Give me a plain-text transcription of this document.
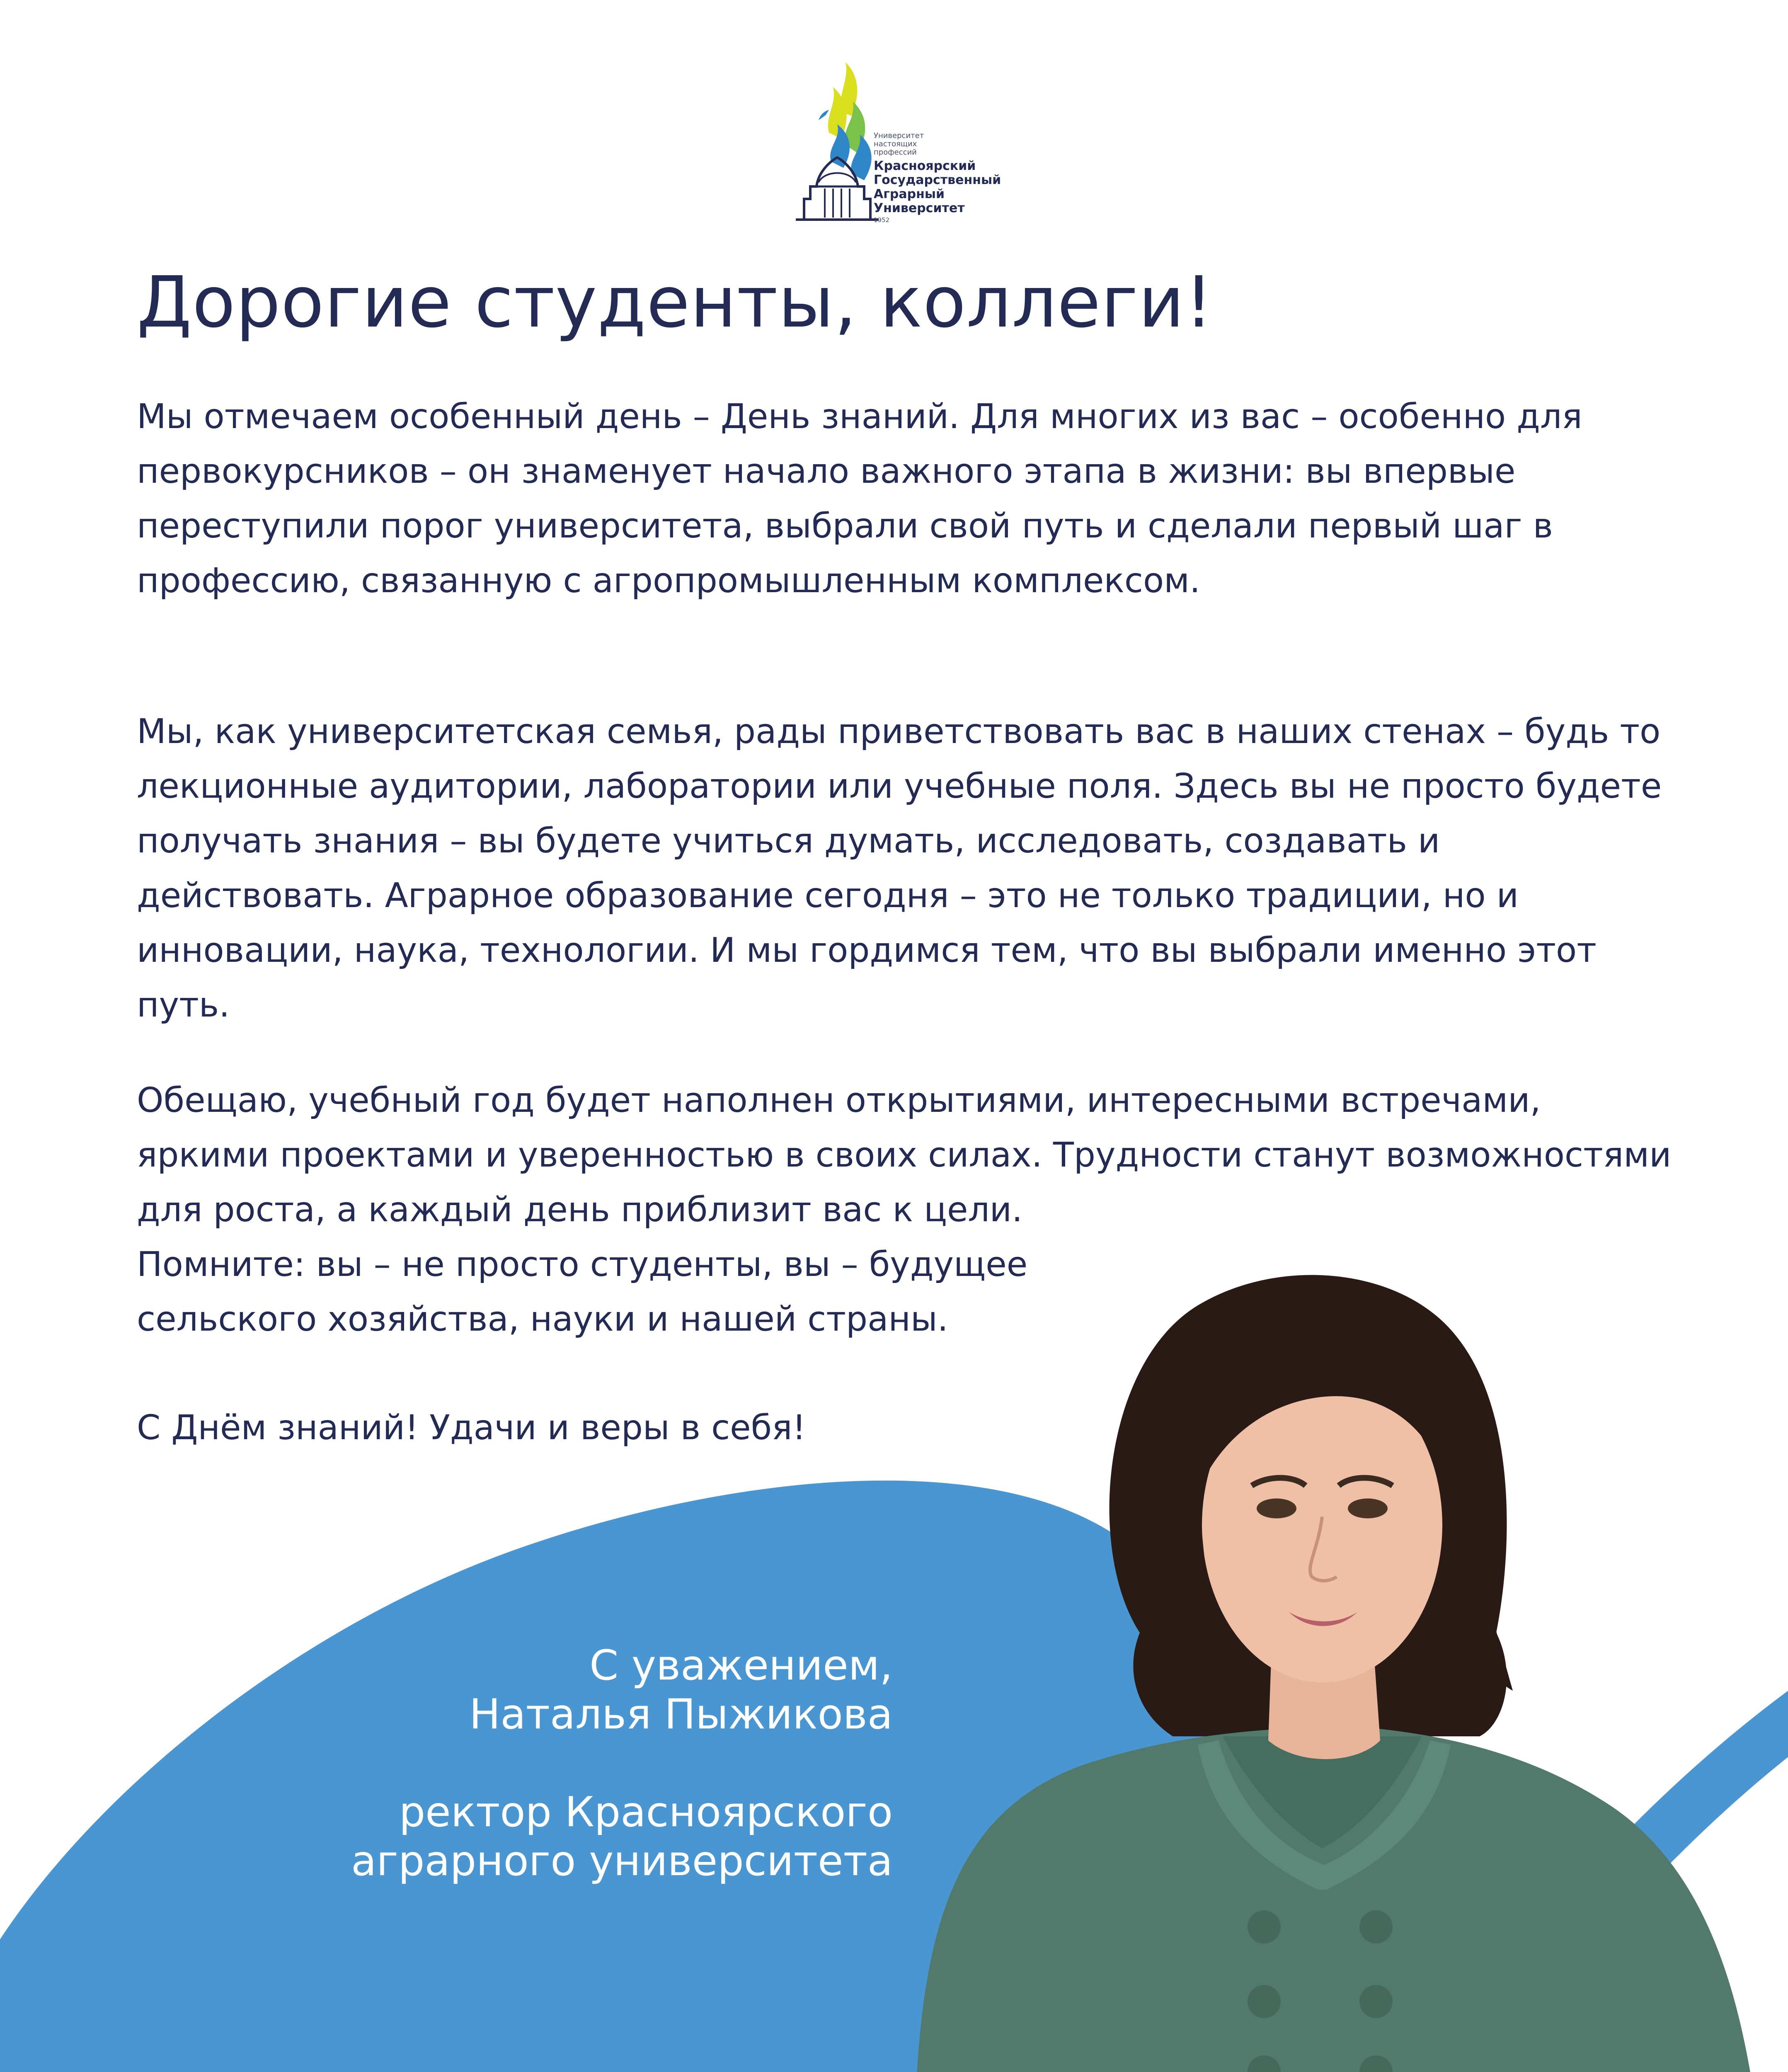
Университет настоящих профессий
Красноярский
Государственный
Аграрный
Университет
1952
Дорогие студенты, коллеги!

Мы отмечаем особенный день – День знаний. Для многих из вас – особенно для первокурсников – он знаменует начало важного этапа в жизни: вы впервые переступили порог университета, выбрали свой путь и сделали первый шаг в профессию, связанную с агропромышленным комплексом.

Мы, как университетская семья, рады приветствовать вас в наших стенах – будь то лекционные аудитории, лаборатории или учебные поля. Здесь вы не просто будете получать знания – вы будете учиться думать, исследовать, создавать и действовать. Аграрное образование сегодня – это не только традиции, но и инновации, наука, технологии. И мы гордимся тем, что вы выбрали именно этот путь.

Обещаю, учебный год будет наполнен открытиями, интересными встречами, яркими проектами и уверенностью в своих силах. Трудности станут возможностями для роста, а каждый день приблизит вас к цели.
Помните: вы – не просто студенты, вы – будущее
сельского хозяйства, науки и нашей страны.

С Днём знаний! Удачи и веры в себя!

С уважением,
Наталья Пыжикова
ректор Красноярского
аграрного университета
